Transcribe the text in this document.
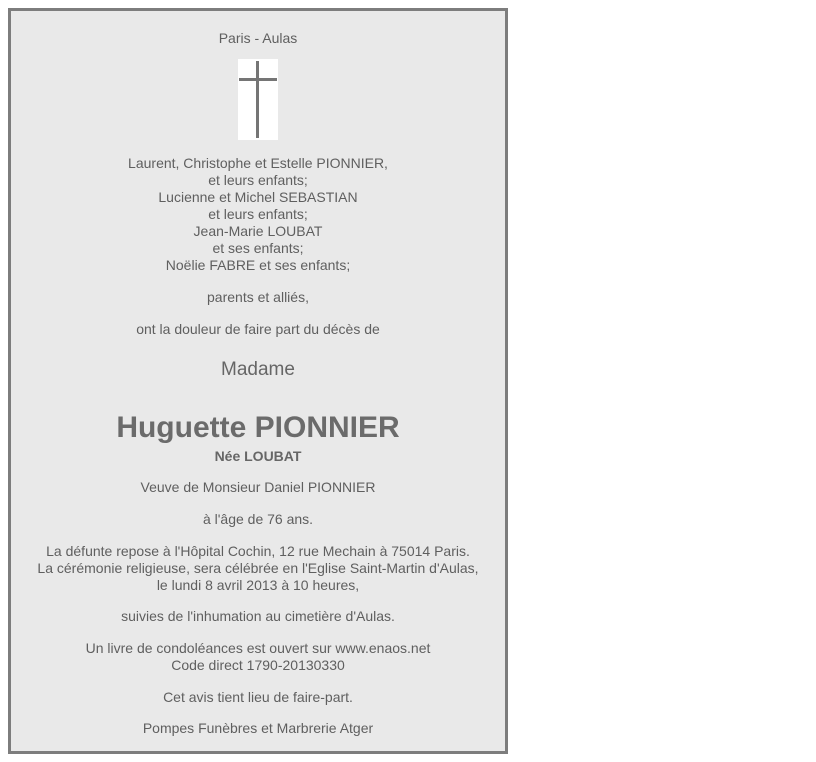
Paris - Aulas
Laurent, Christophe et Estelle PIONNIER,
et leurs enfants;
Lucienne et Michel SEBASTIAN
et leurs enfants;
Jean-Marie LOUBAT
et ses enfants;
Noëlie FABRE et ses enfants;
parents et alliés,
ont la douleur de faire part du décès de
Madame
Huguette PIONNIER
Née LOUBAT
Veuve de Monsieur Daniel PIONNIER
à l'âge de 76 ans.
La défunte repose à l'Hôpital Cochin, 12 rue Mechain à 75014 Paris.
La cérémonie religieuse, sera célébrée en l'Eglise Saint-Martin d'Aulas,
le lundi 8 avril 2013 à 10 heures,
suivies de l'inhumation au cimetière d'Aulas.
Un livre de condoléances est ouvert sur www.enaos.net
Code direct 1790-20130330
Cet avis tient lieu de faire-part.
Pompes Funèbres et Marbrerie Atger
